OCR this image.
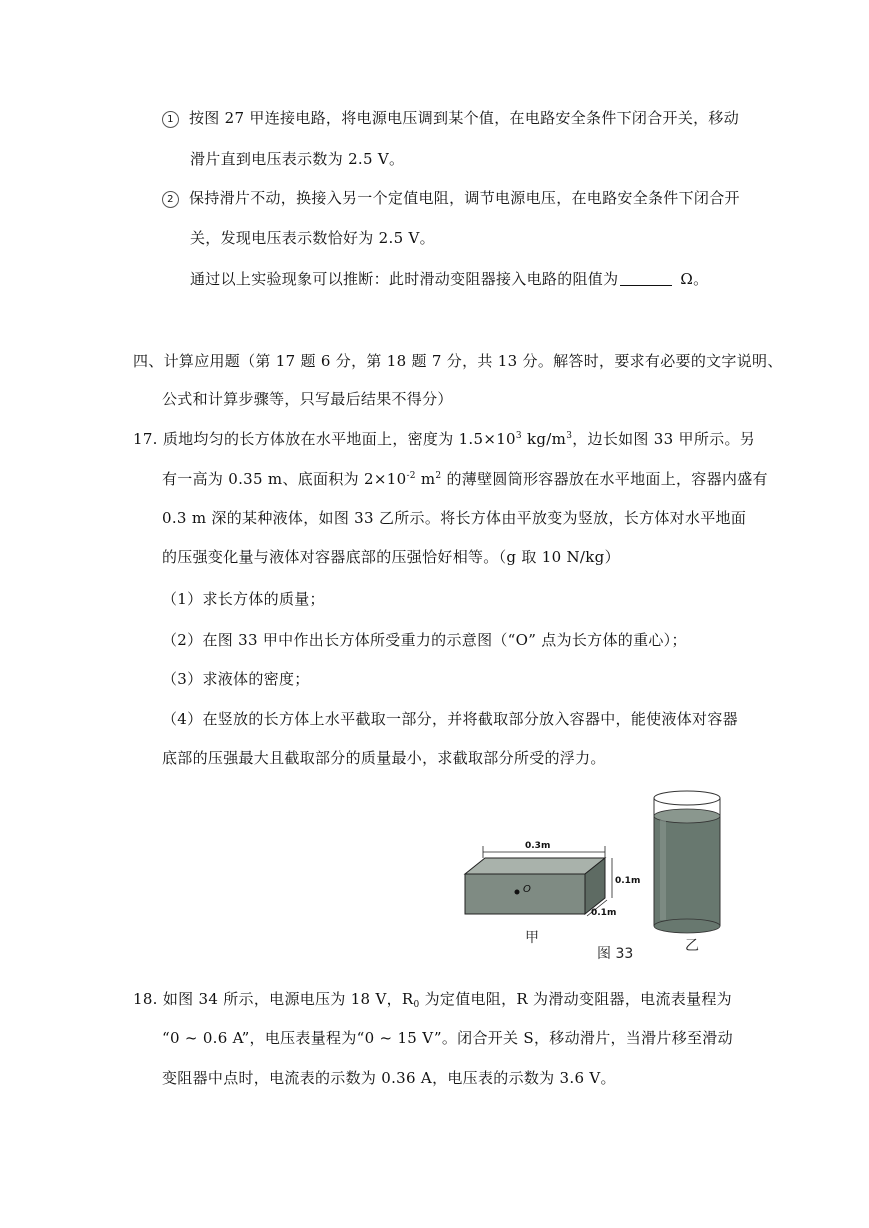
1 按图 27 甲连接电路，将电源电压调到某个值，在电路安全条件下闭合开关，移动
滑片直到电压表示数为 2.5 V。
2 保持滑片不动，换接入另一个定值电阻，调节电源电压，在电路安全条件下闭合开
关，发现电压表示数恰好为 2.5 V。
通过以上实验现象可以推断：此时滑动变阻器接入电路的阻值为	Ω。
四、计算应用题（第 17 题 6 分，第 18 题 7 分，共 13 分。解答时，要求有必要的文字说明、
公式和计算步骤等，只写最后结果不得分）
17. 质地均匀的长方体放在水平地面上，密度为 $1.5\times 10^3$ $kg/m^3$，边长如图 33 甲所示。另
有一高为 0.35 m、底面积为 $2\times 10^{-2}$ $m^2$ 的薄壁圆筒形容器放在水平地面上，容器内盛有
0.3 m 深的某种液体，如图 33 乙所示。将长方体由平放变为竖放，长方体对水平地面
的压强变化量与液体对容器底部的压强恰好相等。（g 取 10 N/kg）
（1）求长方体的质量；
（2）在图 33 甲中作出长方体所受重力的示意图（“O” 点为长方体的重心）；
（3）求液体的密度；
（4）在竖放的长方体上水平截取一部分，并将截取部分放入容器中，能使液体对容器
底部的压强最大且截取部分的质量最小，求截取部分所受的浮力。
O
0.3m
0.1m
0.1m
甲
图 33	乙
18. 如图 34 所示，电源电压为 18 V，$R_0$ 为定值电阻，R 为滑动变阻器，电流表量程为
“0 ~ 0.6 A”，电压表量程为“0 ~ 15 V”。闭合开关 S，移动滑片，当滑片移至滑动
变阻器中点时，电流表的示数为 0.36 A，电压表的示数为 3.6 V。
